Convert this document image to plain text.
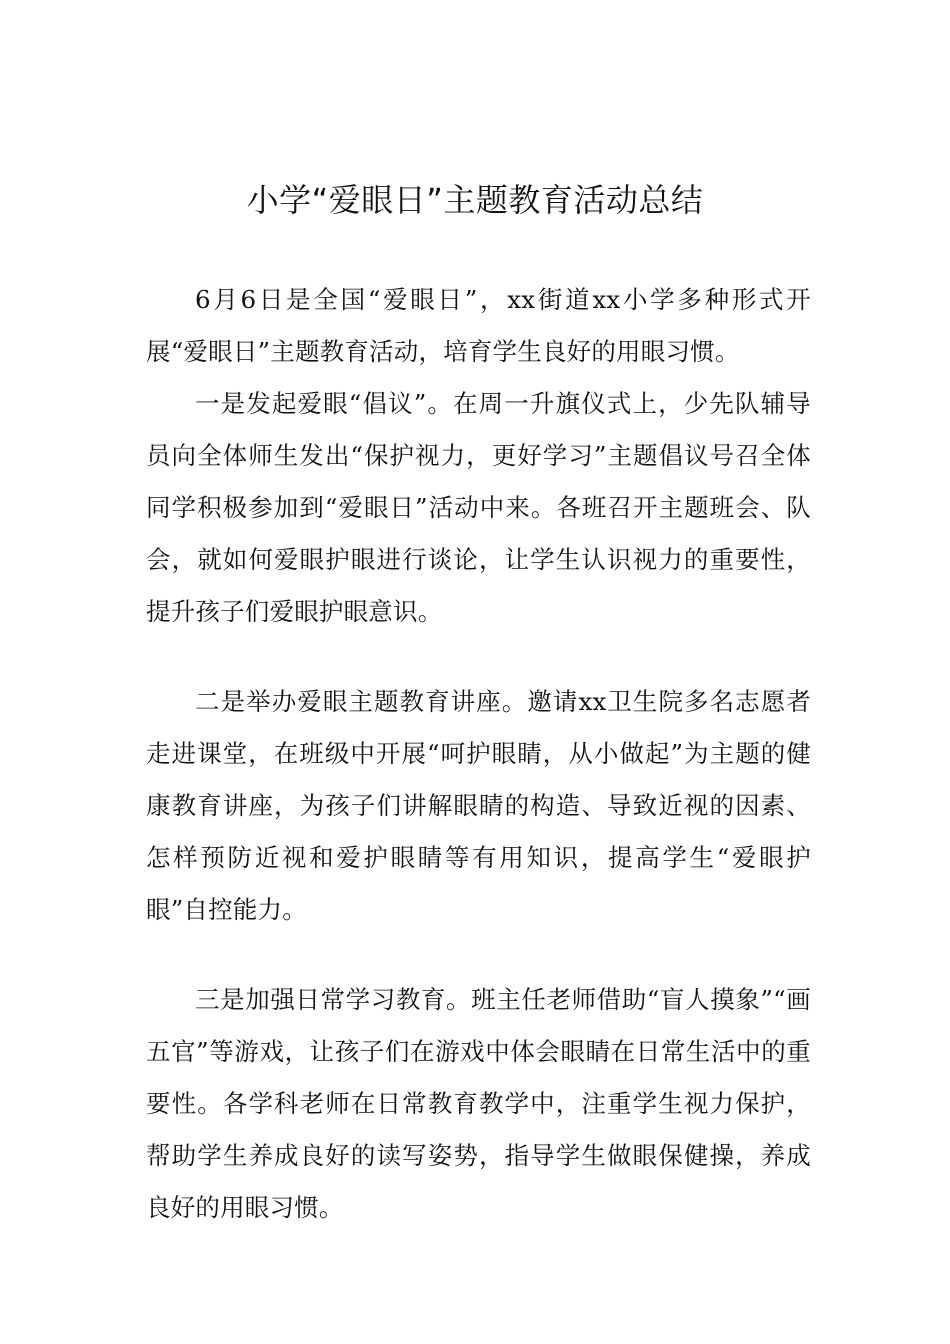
小学“爱眼日”主题教育活动总结

6月6日是全国“爱眼日”，xx街道xx小学多种形式开展“爱眼日”主题教育活动，培育学生良好的用眼习惯。

一是发起爱眼“倡议”。在周一升旗仪式上，少先队辅导员向全体师生发出“保护视力，更好学习”主题倡议号召全体同学积极参加到“爱眼日”活动中来。各班召开主题班会、队会，就如何爱眼护眼进行谈论，让学生认识视力的重要性，提升孩子们爱眼护眼意识。

二是举办爱眼主题教育讲座。邀请xx卫生院多名志愿者走进课堂，在班级中开展“呵护眼睛，从小做起”为主题的健康教育讲座，为孩子们讲解眼睛的构造、导致近视的因素、怎样预防近视和爱护眼睛等有用知识，提高学生“爱眼护眼”自控能力。

三是加强日常学习教育。班主任老师借助“盲人摸象”“画五官”等游戏，让孩子们在游戏中体会眼睛在日常生活中的重要性。各学科老师在日常教育教学中，注重学生视力保护，帮助学生养成良好的读写姿势，指导学生做眼保健操，养成良好的用眼习惯。
